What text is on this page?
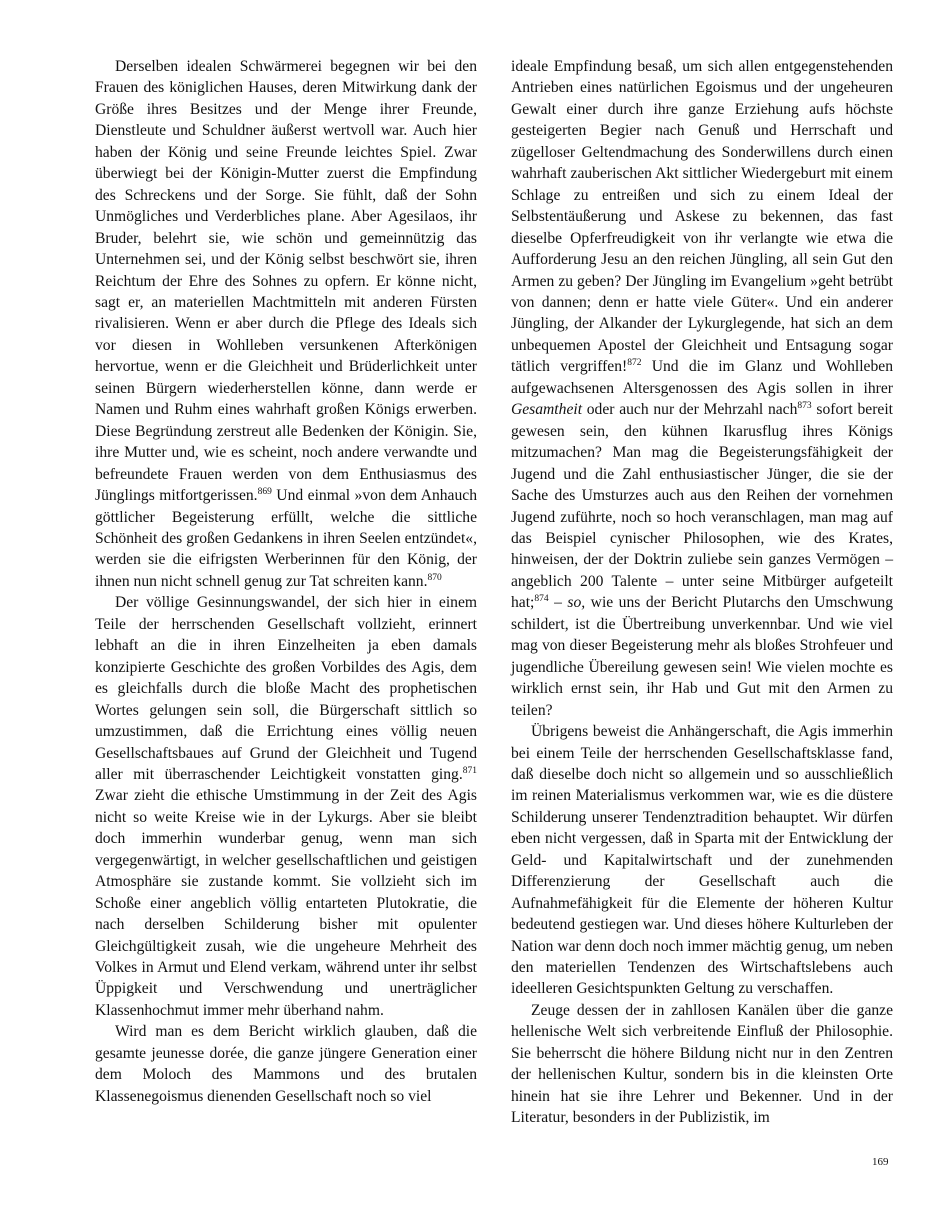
Derselben idealen Schwärmerei begegnen wir bei den Frauen des königlichen Hauses, deren Mitwirkung dank der Größe ihres Besitzes und der Menge ihrer Freunde, Dienstleute und Schuldner äußerst wertvoll war. Auch hier haben der König und seine Freunde leichtes Spiel. Zwar überwiegt bei der Königin-Mutter zuerst die Empfindung des Schreckens und der Sorge. Sie fühlt, daß der Sohn Unmögliches und Verderbliches plane. Aber Agesilaos, ihr Bruder, belehrt sie, wie schön und gemeinnützig das Unternehmen sei, und der König selbst beschwört sie, ihren Reichtum der Ehre des Sohnes zu opfern. Er könne nicht, sagt er, an materiellen Machtmitteln mit anderen Fürsten rivalisieren. Wenn er aber durch die Pflege des Ideals sich vor diesen in Wohlleben versunkenen Afterkönigen hervortue, wenn er die Gleichheit und Brüderlichkeit unter seinen Bürgern wiederherstellen könne, dann werde er Namen und Ruhm eines wahrhaft großen Königs erwerben. Diese Begründung zerstreut alle Bedenken der Königin. Sie, ihre Mutter und, wie es scheint, noch andere verwandte und befreundete Frauen werden von dem Enthusiasmus des Jünglings mitfortgerissen.$^{869}$ Und einmal »von dem Anhauch göttlicher Begeisterung erfüllt, welche die sittliche Schönheit des großen Gedankens in ihren Seelen entzündet«, werden sie die eifrigsten Werberinnen für den König, der ihnen nun nicht schnell genug zur Tat schreiten kann.$^{870}$

Der völlige Gesinnungswandel, der sich hier in einem Teile der herrschenden Gesellschaft vollzieht, erinnert lebhaft an die in ihren Einzelheiten ja eben damals konzipierte Geschichte des großen Vorbildes des Agis, dem es gleichfalls durch die bloße Macht des prophetischen Wortes gelungen sein soll, die Bürgerschaft sittlich so umzustimmen, daß die Errichtung eines völlig neuen Gesellschaftsbaues auf Grund der Gleichheit und Tugend aller mit überraschender Leichtigkeit vonstatten ging.$^{871}$ Zwar zieht die ethische Umstimmung in der Zeit des Agis nicht so weite Kreise wie in der Lykurgs. Aber sie bleibt doch immerhin wunderbar genug, wenn man sich vergegenwärtigt, in welcher gesellschaftlichen und geistigen Atmosphäre sie zustande kommt. Sie vollzieht sich im Schoße einer angeblich völlig entarteten Plutokratie, die nach derselben Schilderung bisher mit opulenter Gleichgültigkeit zusah, wie die ungeheure Mehrheit des Volkes in Armut und Elend verkam, während unter ihr selbst Üppigkeit und Verschwendung und unerträglicher Klassenhochmut immer mehr überhand nahm.

Wird man es dem Bericht wirklich glauben, daß die gesamte jeunesse dorée, die ganze jüngere Generation einer dem Moloch des Mammons und des brutalen Klassenegoismus dienenden Gesellschaft noch so viel

ideale Empfindung besaß, um sich allen entgegenstehenden Antrieben eines natürlichen Egoismus und der ungeheuren Gewalt einer durch ihre ganze Erziehung aufs höchste gesteigerten Begier nach Genuß und Herrschaft und zügelloser Geltendmachung des Sonderwillens durch einen wahrhaft zauberischen Akt sittlicher Wiedergeburt mit einem Schlage zu entreißen und sich zu einem Ideal der Selbstentäußerung und Askese zu bekennen, das fast dieselbe Opferfreudigkeit von ihr verlangte wie etwa die Aufforderung Jesu an den reichen Jüngling, all sein Gut den Armen zu geben? Der Jüngling im Evangelium »geht betrübt von dannen; denn er hatte viele Güter«. Und ein anderer Jüngling, der Alkander der Lykurglegende, hat sich an dem unbequemen Apostel der Gleichheit und Entsagung sogar tätlich vergriffen!$^{872}$ Und die im Glanz und Wohlleben aufgewachsenen Altersgenossen des Agis sollen in ihrer Gesamtheit oder auch nur der Mehrzahl nach$^{873}$ sofort bereit gewesen sein, den kühnen Ikarusflug ihres Königs mitzumachen? Man mag die Begeisterungsfähigkeit der Jugend und die Zahl enthusiastischer Jünger, die sie der Sache des Umsturzes auch aus den Reihen der vornehmen Jugend zuführte, noch so hoch veranschlagen, man mag auf das Beispiel cynischer Philosophen, wie des Krates, hinweisen, der der Doktrin zuliebe sein ganzes Vermögen – angeblich 200 Talente – unter seine Mitbürger aufgeteilt hat;$^{874}$ – so, wie uns der Bericht Plutarchs den Umschwung schildert, ist die Übertreibung unverkennbar. Und wie viel mag von dieser Begeisterung mehr als bloßes Strohfeuer und jugendliche Übereilung gewesen sein! Wie vielen mochte es wirklich ernst sein, ihr Hab und Gut mit den Armen zu teilen?

Übrigens beweist die Anhängerschaft, die Agis immerhin bei einem Teile der herrschenden Gesellschaftsklasse fand, daß dieselbe doch nicht so allgemein und so ausschließlich im reinen Materialismus verkommen war, wie es die düstere Schilderung unserer Tendenztradition behauptet. Wir dürfen eben nicht vergessen, daß in Sparta mit der Entwicklung der Geld- und Kapitalwirtschaft und der zunehmenden Differenzierung der Gesellschaft auch die Aufnahmefähigkeit für die Elemente der höheren Kultur bedeutend gestiegen war. Und dieses höhere Kulturleben der Nation war denn doch noch immer mächtig genug, um neben den materiellen Tendenzen des Wirtschaftslebens auch ideelleren Gesichtspunkten Geltung zu verschaffen.

Zeuge dessen der in zahllosen Kanälen über die ganze hellenische Welt sich verbreitende Einfluß der Philosophie. Sie beherrscht die höhere Bildung nicht nur in den Zentren der hellenischen Kultur, sondern bis in die kleinsten Orte hinein hat sie ihre Lehrer und Bekenner. Und in der Literatur, besonders in der Publizistik, im

169
